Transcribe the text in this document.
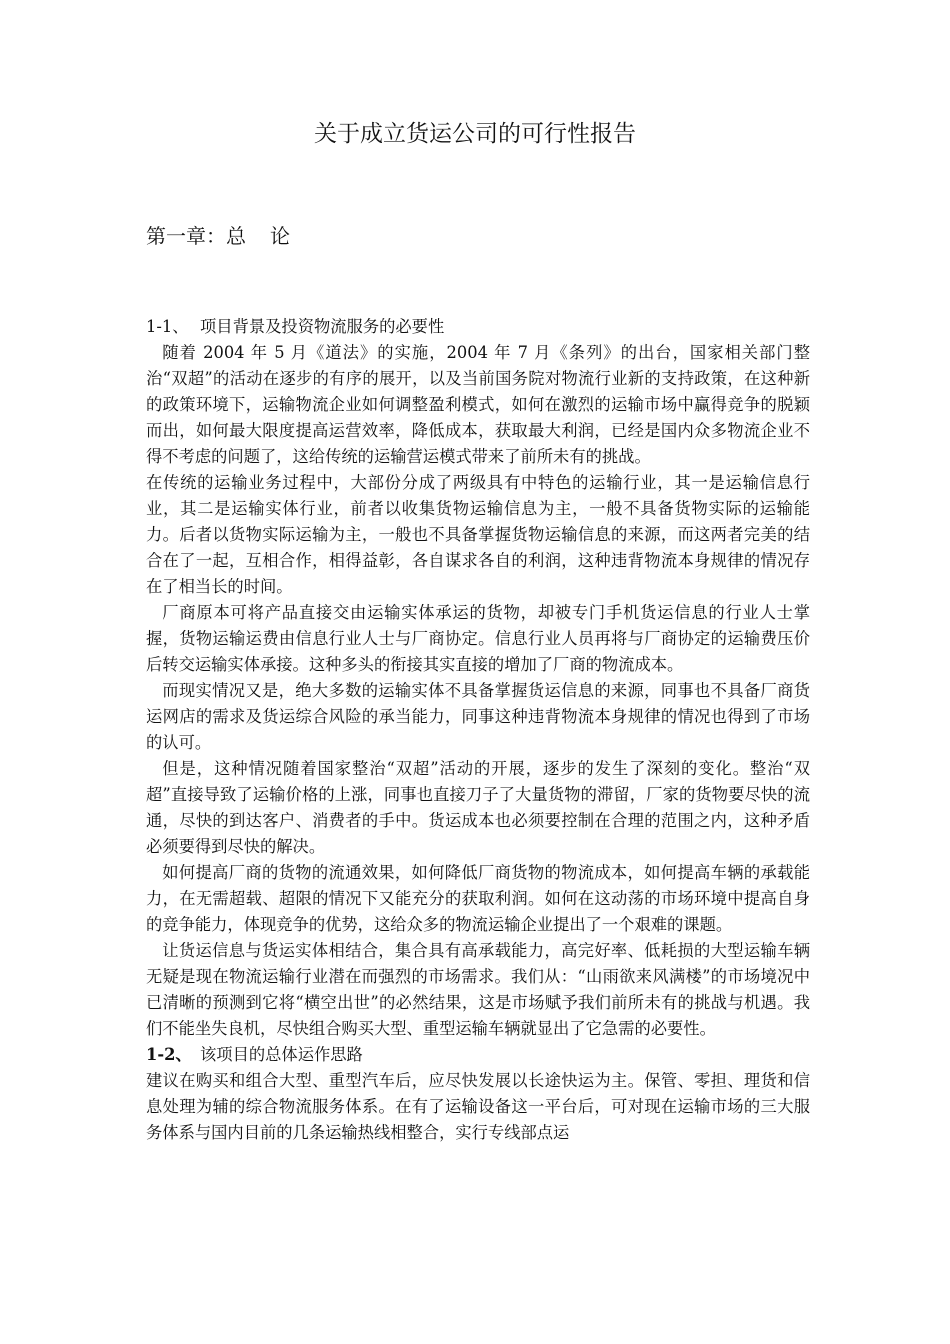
关于成立货运公司的可行性报告
第一章：总 论
1-1、 项目背景及投资物流服务的必要性

随着 2004 年 5 月《道法》的实施，2004 年 7 月《条列》的出台，国家相关部门整治“双超”的活动在逐步的有序的展开，以及当前国务院对物流行业新的支持政策，在这种新的政策环境下，运输物流企业如何调整盈利模式，如何在激烈的运输市场中赢得竞争的脱颖而出，如何最大限度提高运营效率，降低成本，获取最大利润，已经是国内众多物流企业不得不考虑的问题了，这给传统的运输营运模式带来了前所未有的挑战。

在传统的运输业务过程中，大部份分成了两级具有中特色的运输行业，其一是运输信息行业，其二是运输实体行业，前者以收集货物运输信息为主，一般不具备货物实际的运输能力。后者以货物实际运输为主，一般也不具备掌握货物运输信息的来源，而这两者完美的结合在了一起，互相合作，相得益彰，各自谋求各自的利润，这种违背物流本身规律的情况存在了相当长的时间。

厂商原本可将产品直接交由运输实体承运的货物，却被专门手机货运信息的行业人士掌握，货物运输运费由信息行业人士与厂商协定。信息行业人员再将与厂商协定的运输费压价后转交运输实体承接。这种多头的衔接其实直接的增加了厂商的物流成本。

而现实情况又是，绝大多数的运输实体不具备掌握货运信息的来源，同事也不具备厂商货运网店的需求及货运综合风险的承当能力，同事这种违背物流本身规律的情况也得到了市场的认可。

但是，这种情况随着国家整治“双超”活动的开展，逐步的发生了深刻的变化。整治“双超”直接导致了运输价格的上涨，同事也直接刀子了大量货物的滞留，厂家的货物要尽快的流通，尽快的到达客户、消费者的手中。货运成本也必须要控制在合理的范围之内，这种矛盾必须要得到尽快的解决。

如何提高厂商的货物的流通效果，如何降低厂商货物的物流成本，如何提高车辆的承载能力，在无需超载、超限的情况下又能充分的获取利润。如何在这动荡的市场环境中提高自身的竞争能力，体现竞争的优势，这给众多的物流运输企业提出了一个艰难的课题。

让货运信息与货运实体相结合，集合具有高承载能力，高完好率、低耗损的大型运输车辆无疑是现在物流运输行业潜在而强烈的市场需求。我们从：“山雨欲来风满楼”的市场境况中已清晰的预测到它将“横空出世”的必然结果，这是市场赋予我们前所未有的挑战与机遇。我们不能坐失良机，尽快组合购买大型、重型运输车辆就显出了它急需的必要性。

1-2、 该项目的总体运作思路

建议在购买和组合大型、重型汽车后，应尽快发展以长途快运为主。保管、零担、理货和信息处理为辅的综合物流服务体系。在有了运输设备这一平台后，可对现在运输市场的三大服务体系与国内目前的几条运输热线相整合，实行专线部点运
